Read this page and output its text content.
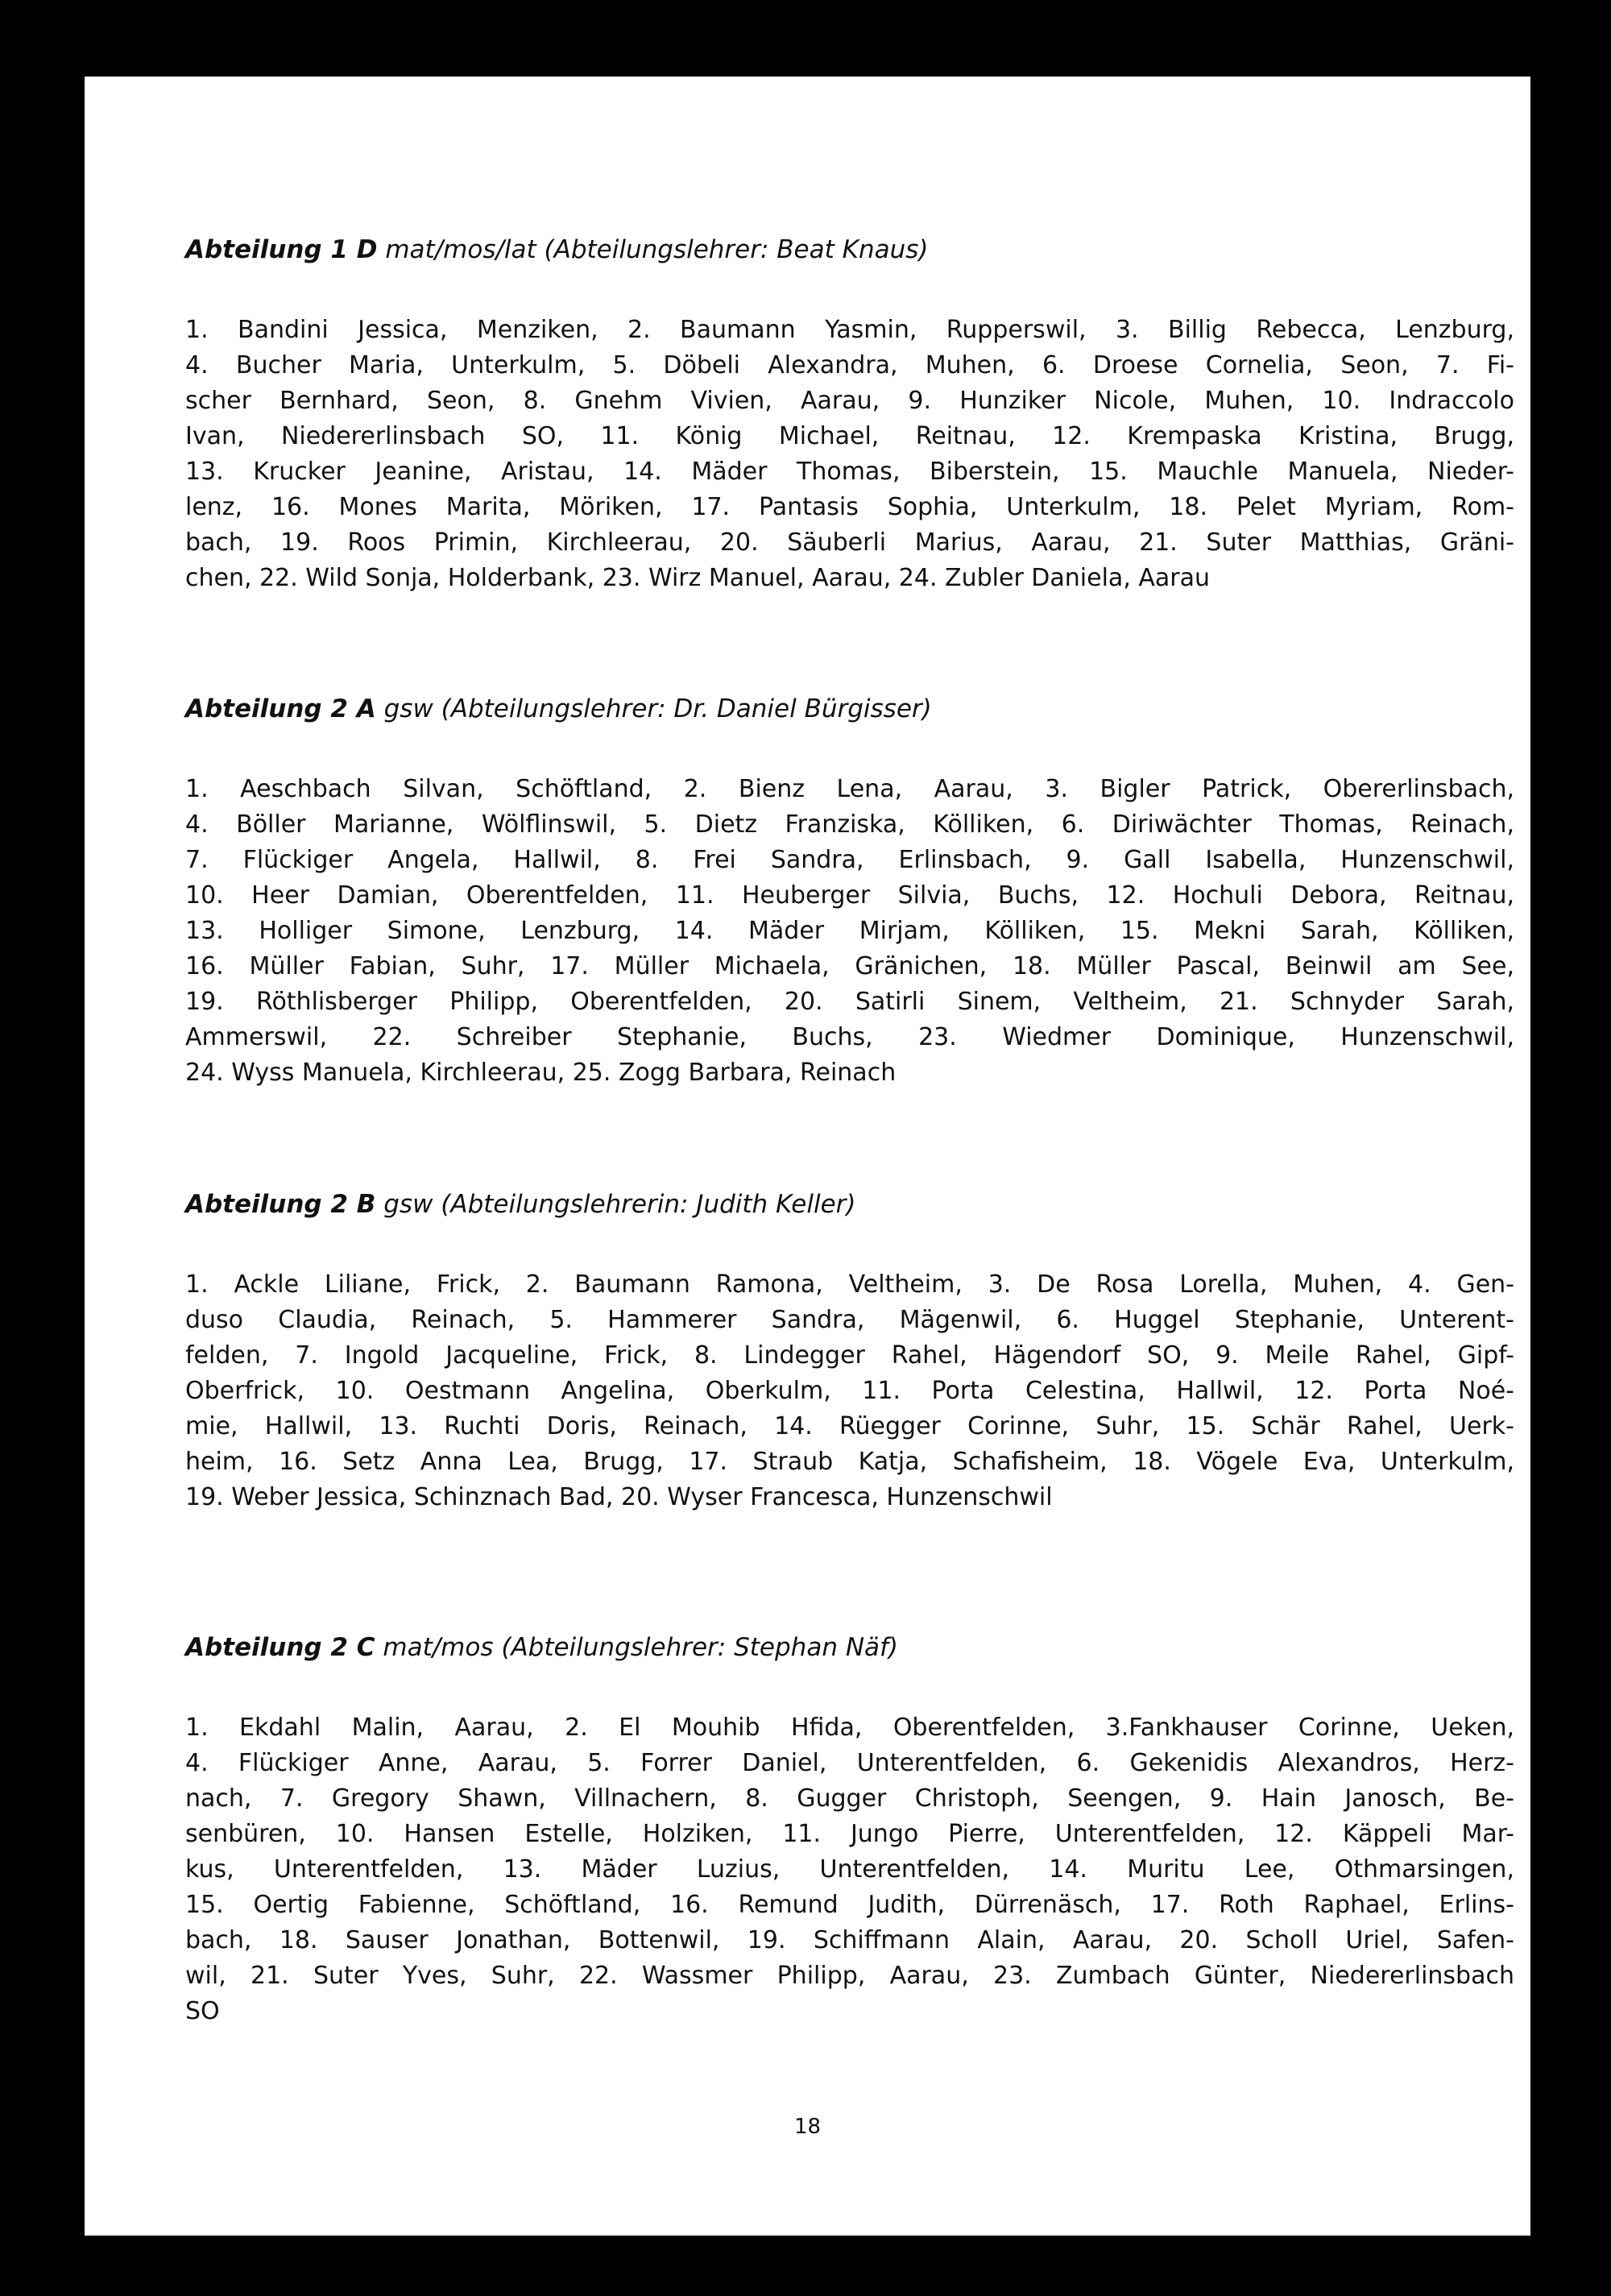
Abteilung 1 D mat/mos/lat (Abteilungslehrer: Beat Knaus)
1. Bandini Jessica, Menziken, 2. Baumann Yasmin, Rupperswil, 3. Billig Rebecca, Lenzburg,
4. Bucher Maria, Unterkulm, 5. Döbeli Alexandra, Muhen, 6. Droese Cornelia, Seon, 7. Fi-
scher Bernhard, Seon, 8. Gnehm Vivien, Aarau, 9. Hunziker Nicole, Muhen, 10. Indraccolo
Ivan, Niedererlinsbach SO, 11. König Michael, Reitnau, 12. Krempaska Kristina, Brugg,
13. Krucker Jeanine, Aristau, 14. Mäder Thomas, Biberstein, 15. Mauchle Manuela, Nieder-
lenz, 16. Mones Marita, Möriken, 17. Pantasis Sophia, Unterkulm, 18. Pelet Myriam, Rom-
bach, 19. Roos Primin, Kirchleerau, 20. Säuberli Marius, Aarau, 21. Suter Matthias, Gräni-
chen, 22. Wild Sonja, Holderbank, 23. Wirz Manuel, Aarau, 24. Zubler Daniela, Aarau
Abteilung 2 A gsw (Abteilungslehrer: Dr. Daniel Bürgisser)
1. Aeschbach Silvan, Schöftland, 2. Bienz Lena, Aarau, 3. Bigler Patrick, Obererlinsbach,
4. Böller Marianne, Wölflinswil, 5. Dietz Franziska, Kölliken, 6. Diriwächter Thomas, Reinach,
7. Flückiger Angela, Hallwil, 8. Frei Sandra, Erlinsbach, 9. Gall Isabella, Hunzenschwil,
10. Heer Damian, Oberentfelden, 11. Heuberger Silvia, Buchs, 12. Hochuli Debora, Reitnau,
13. Holliger Simone, Lenzburg, 14. Mäder Mirjam, Kölliken, 15. Mekni Sarah, Kölliken,
16. Müller Fabian, Suhr, 17. Müller Michaela, Gränichen, 18. Müller Pascal, Beinwil am See,
19. Röthlisberger Philipp, Oberentfelden, 20. Satirli Sinem, Veltheim, 21. Schnyder Sarah,
Ammerswil, 22. Schreiber Stephanie, Buchs, 23. Wiedmer Dominique, Hunzenschwil,
24. Wyss Manuela, Kirchleerau, 25. Zogg Barbara, Reinach
Abteilung 2 B gsw (Abteilungslehrerin: Judith Keller)
1. Ackle Liliane, Frick, 2. Baumann Ramona, Veltheim, 3. De Rosa Lorella, Muhen, 4. Gen-
duso Claudia, Reinach, 5. Hammerer Sandra, Mägenwil, 6. Huggel Stephanie, Unterent-
felden, 7. Ingold Jacqueline, Frick, 8. Lindegger Rahel, Hägendorf SO, 9. Meile Rahel, Gipf-
Oberfrick, 10. Oestmann Angelina, Oberkulm, 11. Porta Celestina, Hallwil, 12. Porta Noé-
mie, Hallwil, 13. Ruchti Doris, Reinach, 14. Rüegger Corinne, Suhr, 15. Schär Rahel, Uerk-
heim, 16. Setz Anna Lea, Brugg, 17. Straub Katja, Schafisheim, 18. Vögele Eva, Unterkulm,
19. Weber Jessica, Schinznach Bad, 20. Wyser Francesca, Hunzenschwil
Abteilung 2 C mat/mos (Abteilungslehrer: Stephan Näf)
1. Ekdahl Malin, Aarau, 2. El Mouhib Hfida, Oberentfelden, 3.Fankhauser Corinne, Ueken,
4. Flückiger Anne, Aarau, 5. Forrer Daniel, Unterentfelden, 6. Gekenidis Alexandros, Herz-
nach, 7. Gregory Shawn, Villnachern, 8. Gugger Christoph, Seengen, 9. Hain Janosch, Be-
senbüren, 10. Hansen Estelle, Holziken, 11. Jungo Pierre, Unterentfelden, 12. Käppeli Mar-
kus, Unterentfelden, 13. Mäder Luzius, Unterentfelden, 14. Muritu Lee, Othmarsingen,
15. Oertig Fabienne, Schöftland, 16. Remund Judith, Dürrenäsch, 17. Roth Raphael, Erlins-
bach, 18. Sauser Jonathan, Bottenwil, 19. Schiffmann Alain, Aarau, 20. Scholl Uriel, Safen-
wil, 21. Suter Yves, Suhr, 22. Wassmer Philipp, Aarau, 23. Zumbach Günter, Niedererlinsbach
SO
18
